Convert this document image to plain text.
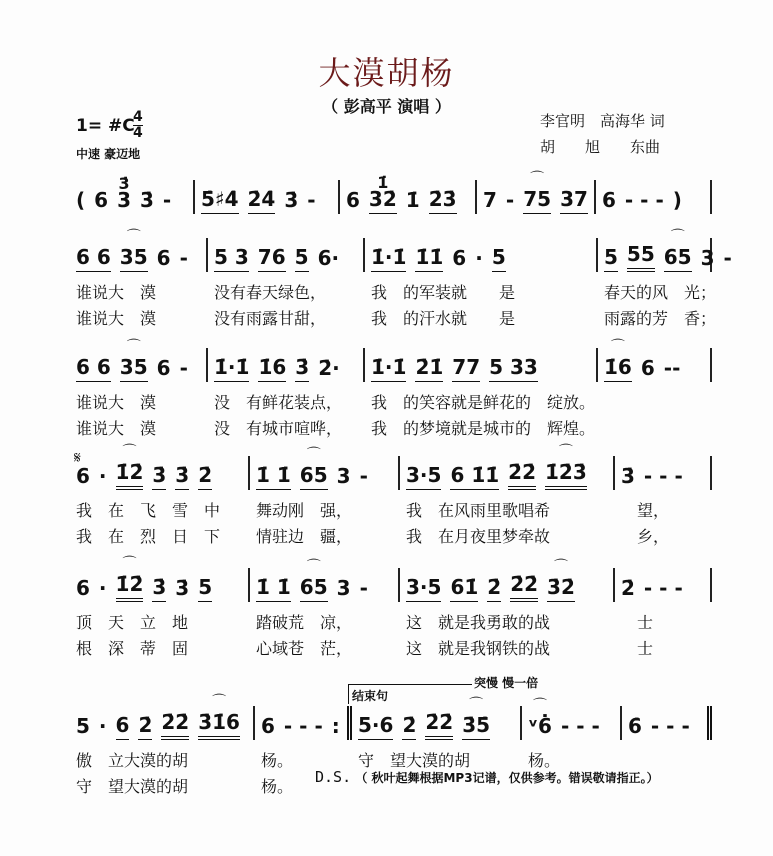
大漠胡杨
（ 彭高平 演唱 ）
1= #C
4
4
中速 豪迈地
李官明　高海华 词
胡　　旭　　东曲
𝄋
结束句
突慢 慢一倍
D.S. （ 秋叶起舞根据MP3记谱，仅供参考。错误敬请指正。）
( 6 3
3̇
3̇ - 5̇♯4̇ 2̇4̇ 3̇ - 6 32̇
1̇
1̇ 2̇3̇ 7 - ⌒ 75 37 6 - - - )
6 6 ⌒ 35 6 - 5 3 76 5 6· 1̇·1̇ 1̇1̇ 6 · 5	5 55 ⌒ 65 3 -
谁说大　漠	没有春天绿色，	我　的军装就　　是	春天的风　光；
谁说大　漠	没有雨露甘甜，	我　的汗水就　　是	雨露的芳　香；
6 6 ⌒ 35 6 - 1̇·1̇ 1̇6 3̇ 2̇· 1̇·1̇ 2̇1̇ 77 5 33	⌒ 1̇6 6 --
谁说大　漠	没　有鲜花装点，	我　的笑容就是鲜花的　绽放。
谁说大　漠	没　有城市喧哗，	我　的梦境就是城市的　辉煌。
6 · ⌒ 1̇2̇ 3̇ 3̇ 2̇ 1̇ 1̇ ⌒ 65 3 - 3·5 6 1̇1̇ 2̇2̇ ⌒ 1̇2̇3̇ 3̇ - - -
我　在　飞　雪　中	舞动刚　强，	我　在风雨里歌唱希	　望，
我　在　烈　日　下	情驻边　疆，	我　在月夜里梦牵故	　乡，
6 · ⌒ 1̇2̇ 3̇ 3̇ 5 1̇ 1̇ ⌒ 65 3 - 3·5 61̇ 2̇ 2̇2̇ ⌒ 3̇2̇ 2̇ - - -
顶　天　立　地	踏破荒　凉，	这　就是我勇敢的战	　士
根　深　蒂　固	心域苍　茫，	这　就是我钢铁的战	　士
5 · 6 2̇ 2̇2̇ ⌒ 3̇1̇6 6 - - - : 5·6 2̇ 2̇2̇ ⌒ 3̇5̇ ⌒ ᵛ6̇ - - - 6̇ - - -
傲　立大漠的胡	杨。	守　望大漠的胡	杨。
守　望大漠的胡	杨。
